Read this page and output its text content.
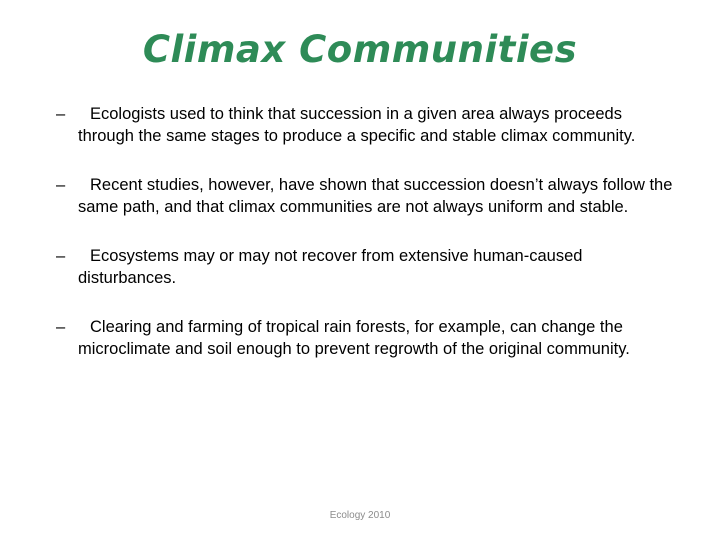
Climax Communities
–	Ecologists used to think that succession in a given area always proceeds through the same stages to produce a specific and stable climax community.
–	Recent studies, however, have shown that succession doesn’t always follow the same path, and that climax communities are not always uniform and stable.
–	Ecosystems may or may not recover from extensive human-caused disturbances.
–	Clearing and farming of tropical rain forests, for example, can change the microclimate and soil enough to prevent regrowth of the original community.
Ecology 2010
